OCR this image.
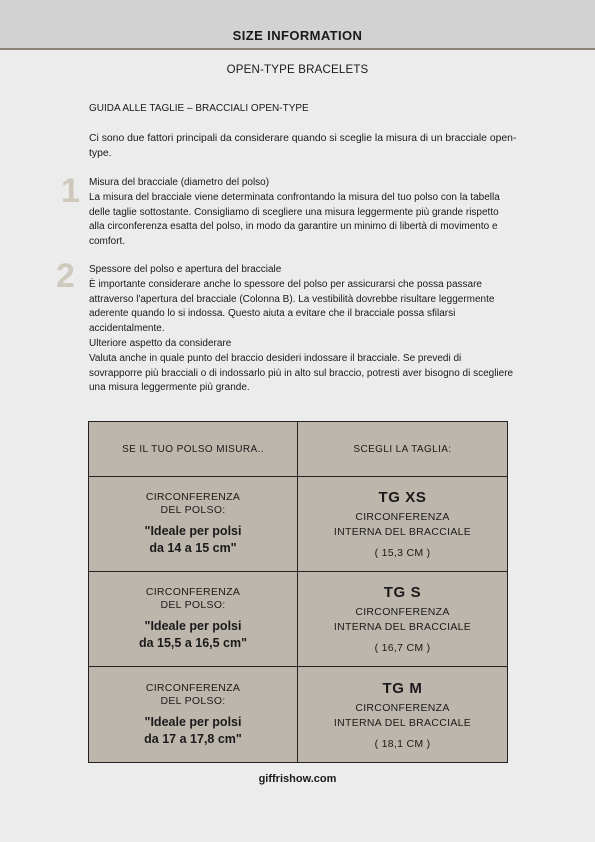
SIZE INFORMATION
OPEN-TYPE BRACELETS
GUIDA ALLE TAGLIE – BRACCIALI OPEN-TYPE
Ci sono due fattori principali da considerare quando si sceglie la misura di un bracciale open-type.
1 Misura del bracciale (diametro del polso)
La misura del bracciale viene determinata confrontando la misura del tuo polso con la tabella delle taglie sottostante. Consigliamo di scegliere una misura leggermente più grande rispetto alla circonferenza esatta del polso, in modo da garantire un minimo di libertà di movimento e comfort.
2 Spessore del polso e apertura del bracciale
È importante considerare anche lo spessore del polso per assicurarsi che possa passare attraverso l'apertura del bracciale (Colonna B). La vestibilità dovrebbe risultare leggermente aderente quando lo si indossa. Questo aiuta a evitare che il bracciale possa sfilarsi accidentalmente.
Ulteriore aspetto da considerare
Valuta anche in quale punto del braccio desideri indossare il bracciale. Se prevedi di sovrapporre più bracciali o di indossarlo più in alto sul braccio, potresti aver bisogno di scegliere una misura leggermente più grande.
SE IL TUO POLSO MISURA..	SCEGLI LA TAGLIA:
CIRCONFERENZA
DEL POLSO:
"Ideale per polsi
da 14 a 15 cm"
TG XS
CIRCONFERENZA
INTERNA DEL BRACCIALE
( 15,3 CM )
CIRCONFERENZA
DEL POLSO:
"Ideale per polsi
da 15,5 a 16,5 cm"
TG S
CIRCONFERENZA
INTERNA DEL BRACCIALE
( 16,7 CM )
CIRCONFERENZA
DEL POLSO:
"Ideale per polsi
da 17 a 17,8 cm"
TG M
CIRCONFERENZA
INTERNA DEL BRACCIALE
( 18,1 CM )
giffrishow.com
